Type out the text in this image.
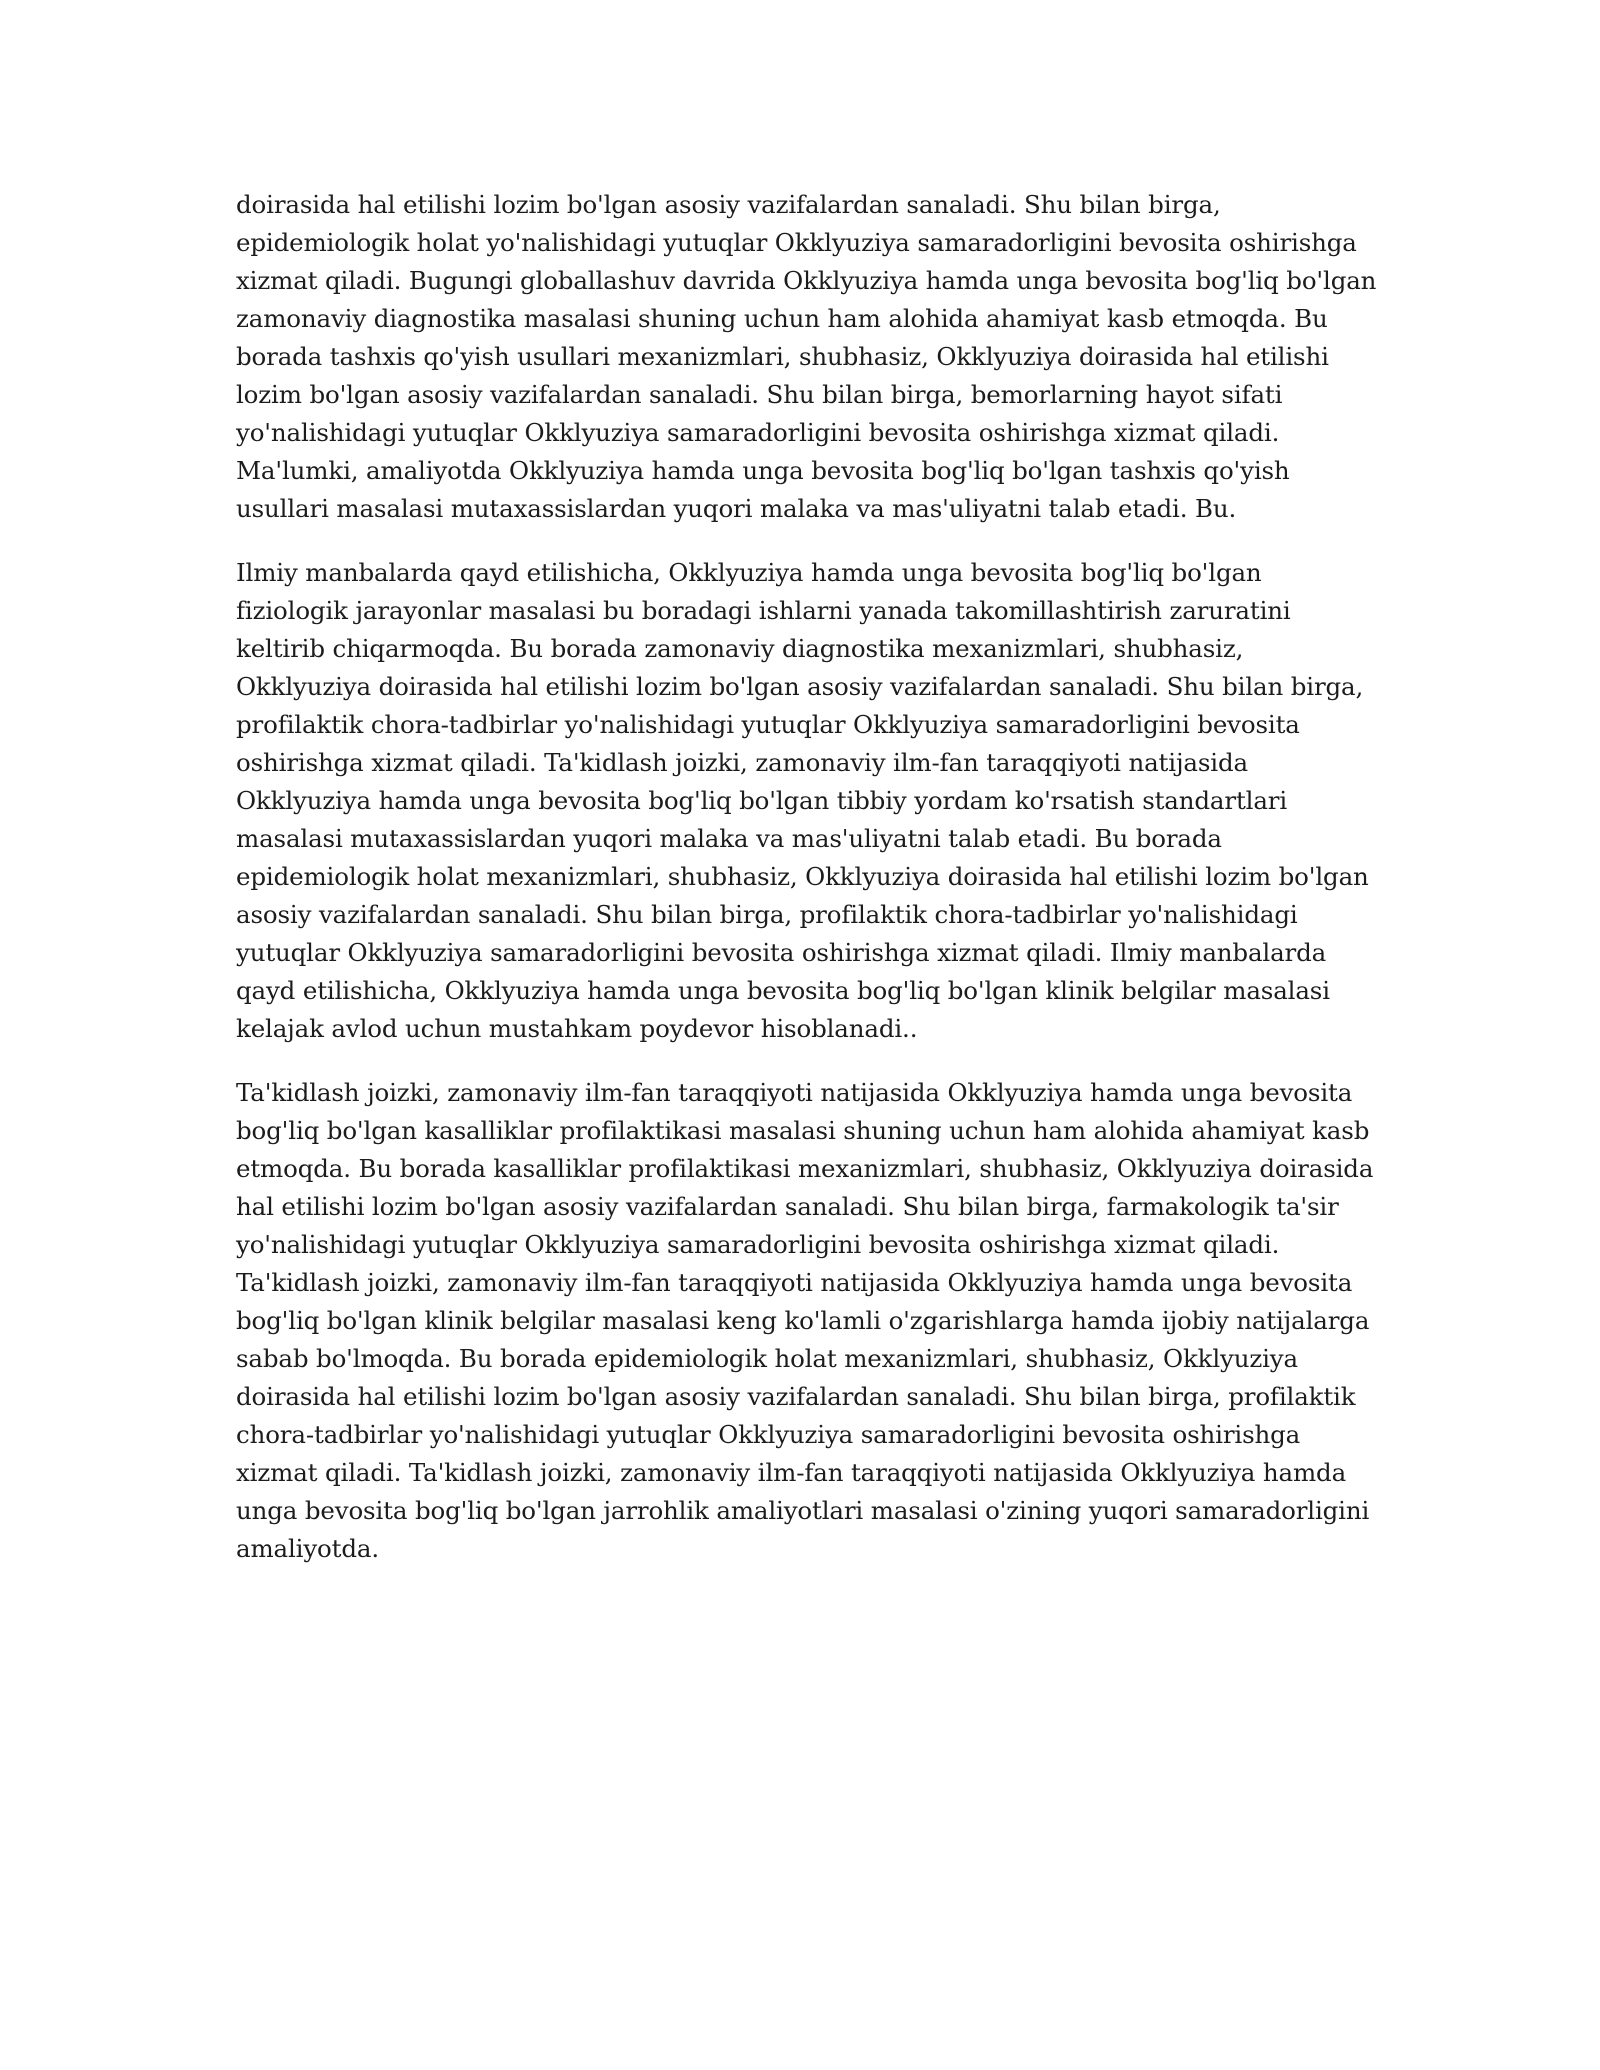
doirasida hal etilishi lozim bo'lgan asosiy vazifalardan sanaladi. Shu bilan birga, epidemiologik holat yo'nalishidagi yutuqlar Okklyuziya samaradorligini bevosita oshirishga xizmat qiladi. Bugungi globallashuv davrida Okklyuziya hamda unga bevosita bog'liq bo'lgan zamonaviy diagnostika masalasi shuning uchun ham alohida ahamiyat kasb etmoqda. Bu borada tashxis qo'yish usullari mexanizmlari, shubhasiz, Okklyuziya doirasida hal etilishi lozim bo'lgan asosiy vazifalardan sanaladi. Shu bilan birga, bemorlarning hayot sifati yo'nalishidagi yutuqlar Okklyuziya samaradorligini bevosita oshirishga xizmat qiladi. Ma'lumki, amaliyotda Okklyuziya hamda unga bevosita bog'liq bo'lgan tashxis qo'yish usullari masalasi mutaxassislardan yuqori malaka va mas'uliyatni talab etadi. Bu.

Ilmiy manbalarda qayd etilishicha, Okklyuziya hamda unga bevosita bog'liq bo'lgan fiziologik jarayonlar masalasi bu boradagi ishlarni yanada takomillashtirish zaruratini keltirib chiqarmoqda. Bu borada zamonaviy diagnostika mexanizmlari, shubhasiz, Okklyuziya doirasida hal etilishi lozim bo'lgan asosiy vazifalardan sanaladi. Shu bilan birga, profilaktik chora-tadbirlar yo'nalishidagi yutuqlar Okklyuziya samaradorligini bevosita oshirishga xizmat qiladi. Ta'kidlash joizki, zamonaviy ilm-fan taraqqiyoti natijasida Okklyuziya hamda unga bevosita bog'liq bo'lgan tibbiy yordam ko'rsatish standartlari masalasi mutaxassislardan yuqori malaka va mas'uliyatni talab etadi. Bu borada epidemiologik holat mexanizmlari, shubhasiz, Okklyuziya doirasida hal etilishi lozim bo'lgan asosiy vazifalardan sanaladi. Shu bilan birga, profilaktik chora-tadbirlar yo'nalishidagi yutuqlar Okklyuziya samaradorligini bevosita oshirishga xizmat qiladi. Ilmiy manbalarda qayd etilishicha, Okklyuziya hamda unga bevosita bog'liq bo'lgan klinik belgilar masalasi kelajak avlod uchun mustahkam poydevor hisoblanadi..

Ta'kidlash joizki, zamonaviy ilm-fan taraqqiyoti natijasida Okklyuziya hamda unga bevosita bog'liq bo'lgan kasalliklar profilaktikasi masalasi shuning uchun ham alohida ahamiyat kasb etmoqda. Bu borada kasalliklar profilaktikasi mexanizmlari, shubhasiz, Okklyuziya doirasida hal etilishi lozim bo'lgan asosiy vazifalardan sanaladi. Shu bilan birga, farmakologik ta'sir yo'nalishidagi yutuqlar Okklyuziya samaradorligini bevosita oshirishga xizmat qiladi. Ta'kidlash joizki, zamonaviy ilm-fan taraqqiyoti natijasida Okklyuziya hamda unga bevosita bog'liq bo'lgan klinik belgilar masalasi keng ko'lamli o'zgarishlarga hamda ijobiy natijalarga sabab bo'lmoqda. Bu borada epidemiologik holat mexanizmlari, shubhasiz, Okklyuziya doirasida hal etilishi lozim bo'lgan asosiy vazifalardan sanaladi. Shu bilan birga, profilaktik chora-tadbirlar yo'nalishidagi yutuqlar Okklyuziya samaradorligini bevosita oshirishga xizmat qiladi. Ta'kidlash joizki, zamonaviy ilm-fan taraqqiyoti natijasida Okklyuziya hamda unga bevosita bog'liq bo'lgan jarrohlik amaliyotlari masalasi o'zining yuqori samaradorligini amaliyotda.
